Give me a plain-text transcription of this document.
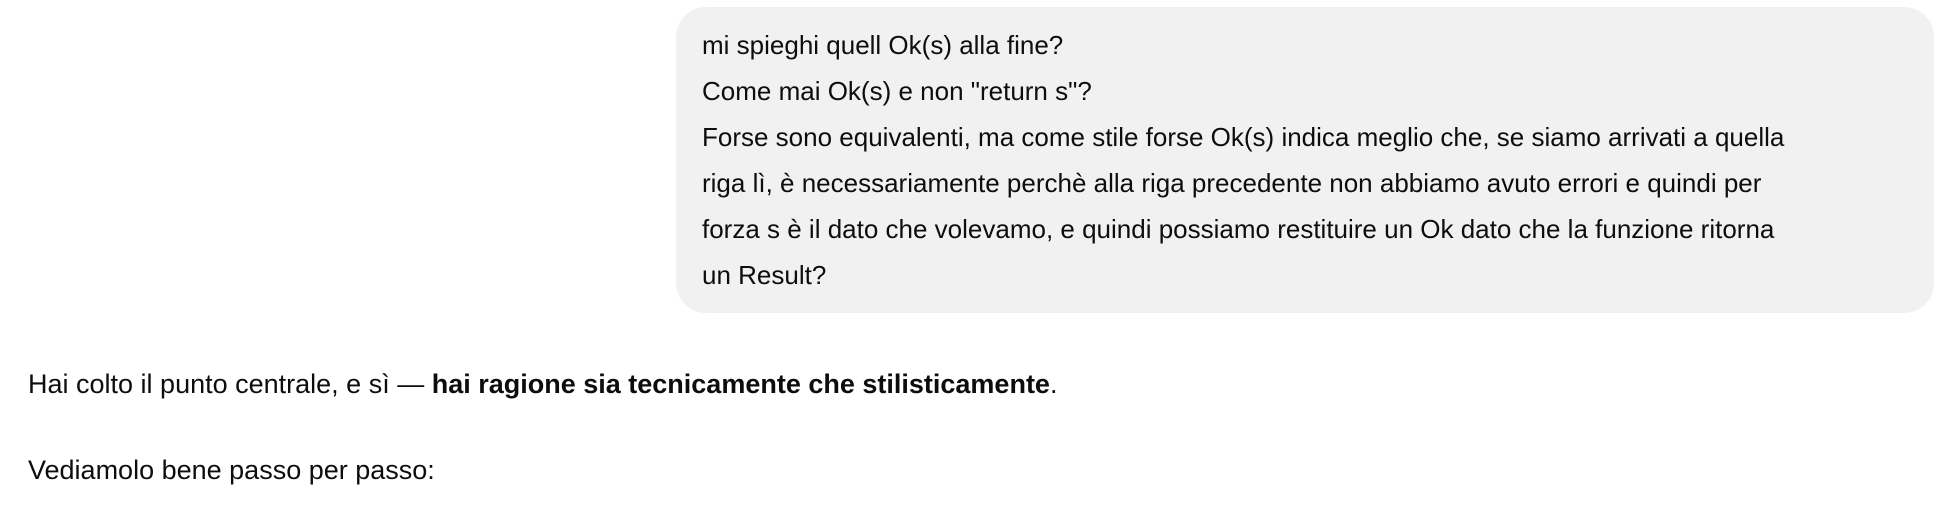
mi spieghi quell Ok(s) alla fine?
Come mai Ok(s) e non "return s"?
Forse sono equivalenti, ma come stile forse Ok(s) indica meglio che, se siamo arrivati a quella
riga lì, è necessariamente perchè alla riga precedente non abbiamo avuto errori e quindi per
forza s è il dato che volevamo, e quindi possiamo restituire un Ok dato che la funzione ritorna
un Result?

Hai colto il punto centrale, e sì — hai ragione sia tecnicamente che stilisticamente.

Vediamolo bene passo per passo:
